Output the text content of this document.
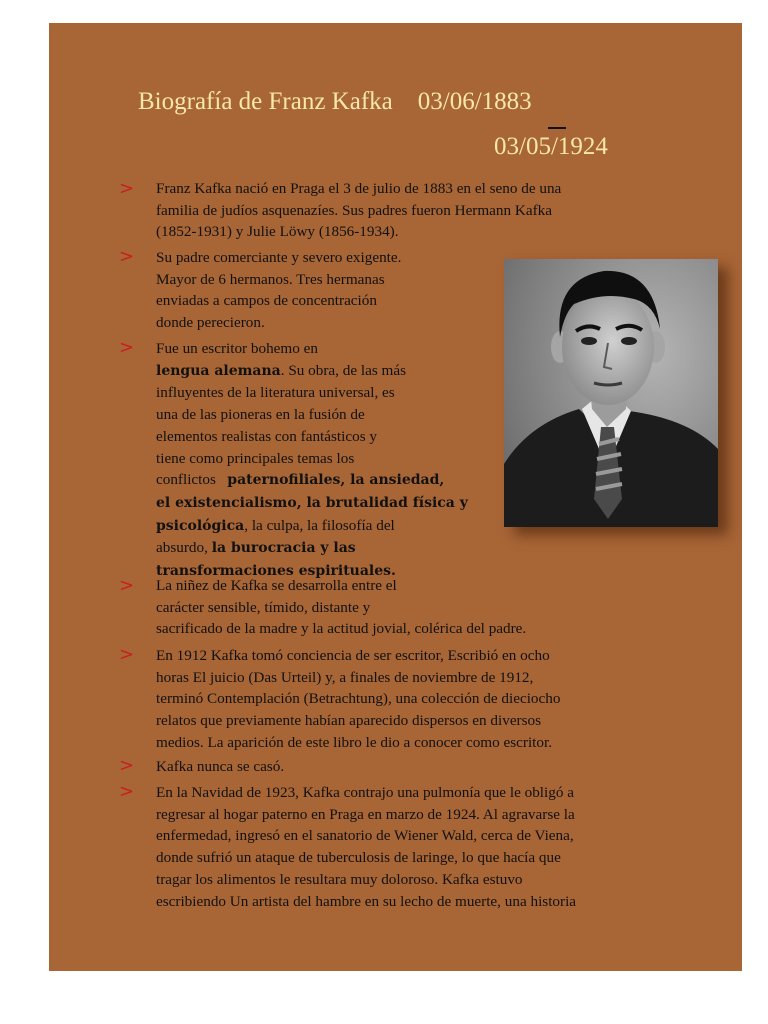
Biografía de Franz Kafka 03/06/1883
03/05/1924
>
>
>
>
>
>
>

Franz Kafka nació en Praga el 3 de julio de 1883 en el seno de una
familia de judíos asquenazíes. Sus padres fueron Hermann Kafka
(1852-1931) y Julie Löwy (1856-1934).

Su padre comerciante y severo exigente.
Mayor de 6 hermanos. Tres hermanas
enviadas a campos de concentración
donde perecieron.

Fue un escritor bohemo en
lengua alemana. Su obra, de las más
influyentes de la literatura universal, es
una de las pioneras en la fusión de
elementos realistas con fantásticos y
tiene como principales temas los
conflictos   paternofiliales, la ansiedad,
el existencialismo, la brutalidad física y
psicológica, la culpa, la filosofía del
absurdo, la burocracia y las
transformaciones espirituales.

La niñez de Kafka se desarrolla entre el
carácter sensible, tímido, distante y
sacrificado de la madre y la actitud jovial, colérica del padre.

En 1912 Kafka tomó conciencia de ser escritor, Escribió en ocho
horas El juicio (Das Urteil) y, a finales de noviembre de 1912,
terminó Contemplación (Betrachtung), una colección de dieciocho
relatos que previamente habían aparecido dispersos en diversos
medios. La aparición de este libro le dio a conocer como escritor.

Kafka nunca se casó.

En la Navidad de 1923, Kafka contrajo una pulmonía que le obligó a
regresar al hogar paterno en Praga en marzo de 1924. Al agravarse la
enfermedad, ingresó en el sanatorio de Wiener Wald, cerca de Viena,
donde sufrió un ataque de tuberculosis de laringe, lo que hacía que
tragar los alimentos le resultara muy doloroso. Kafka estuvo
escribiendo Un artista del hambre en su lecho de muerte, una historia
